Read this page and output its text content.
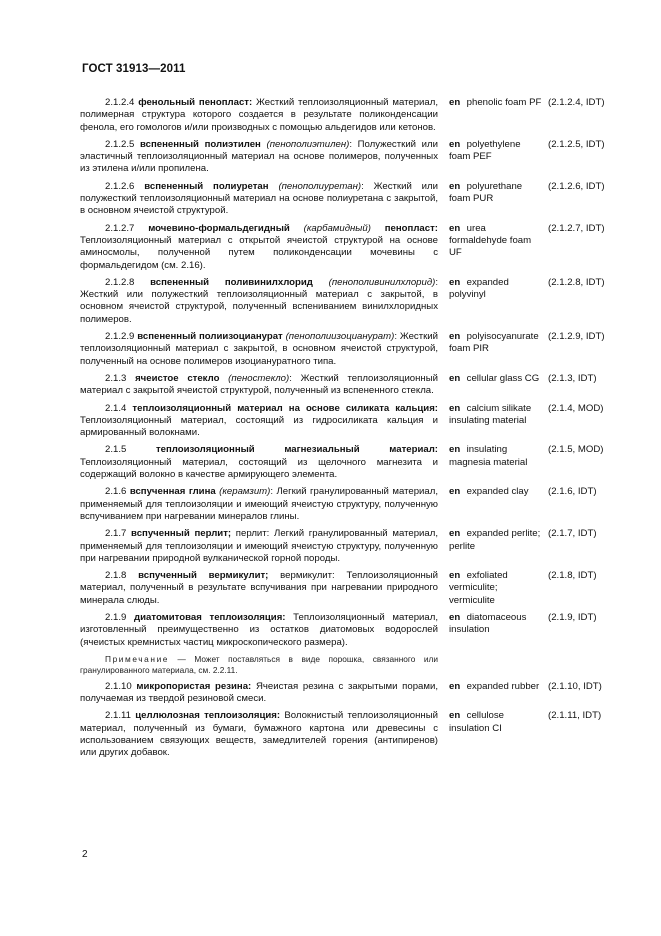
ГОСТ 31913—2011
2.1.2.4 фенольный пенопласт: Жесткий теплоизоляционный материал, полимерная структура которого создается в результате поликонденсации фенола, его гомологов и/или производных с помощью альдегидов или кетонов.
en phenolic foam PF (2.1.2.4, IDT)
2.1.2.5 вспененный полиэтилен (пенополиэтилен): Полужесткий или эластичный теплоизоляционный материал на основе полимеров, полученных из этилена и/или пропилена.
en polyethylene foam PEF
(2.1.2.5, IDT)
2.1.2.6 вспененный полиуретан (пенополиуретан): Жесткий или полужесткий теплоизоляционный материал на основе полиуретана с закрытой, в основном ячеистой структурой.
en polyurethane foam PUR
(2.1.2.6, IDT)
2.1.2.7 мочевино-формальдегидный (карбамидный) пенопласт: Теплоизоляционный материал с открытой ячеистой структурой на основе аминосмолы, полученной путем поликонденсации мочевины с формальдегидом (см. 2.16).
en urea formaldehyde foam UF
(2.1.2.7, IDT)
2.1.2.8 вспененный поливинилхлорид (пенополивинилхлорид): Жесткий или полужесткий теплоизоляционный материал с закрытой, в основном ячеистой структурой, полученный вспениванием винилхлоридных полимеров.
en expanded polyvinyl
(2.1.2.8, IDT)
2.1.2.9 вспененный полиизоцианурат (пенополиизоцианурат): Жесткий теплоизоляционный материал с закрытой, в основном ячеистой структурой, полученный на основе полимеров изоциануратного типа.
en polyisocyanurate foam PIR
(2.1.2.9, IDT)
2.1.3 ячеистое стекло (пеностекло): Жесткий теплоизоляционный материал с закрытой ячеистой структурой, полученный из вспененного стекла.
en cellular glass CG (2.1.3, IDT)
2.1.4 теплоизоляционный материал на основе силиката кальция: Теплоизоляционный материал, состоящий из гидросиликата кальция и армированный волокнами.
en calcium silikate insulating material
(2.1.4, MOD)
2.1.5	теплоизоляционный магнезиальный материал: Теплоизоляционный материал, состоящий из щелочного магнезита и содержащий волокно в качестве армирующего элемента.
en insulating magnesia material
(2.1.5, MOD)
2.1.6 вспученная глина (керамзит): Легкий гранулированный материал, применяемый для теплоизоляции и имеющий ячеистую структуру, полученную вспучиванием при нагревании минералов глины.
en expanded clay	(2.1.6, IDT)
2.1.7 вспученный перлит; перлит: Легкий гранулированный материал, применяемый для теплоизоляции и имеющий ячеистую структуру, полученную при нагревании природной вулканической горной породы.
en expanded perlite; perlite
(2.1.7, IDT)
2.1.8 вспученный вермикулит; вермикулит: Теплоизоляционный материал, полученный в результате вспучивания при нагревании природного минерала слюды.
en exfoliated vermiculite; vermiculite
(2.1.8, IDT)
2.1.9 диатомитовая теплоизоляция: Теплоизоляционный материал, изготовленный преимущественно из остатков диатомовых водорослей (ячеистых кремнистых частиц микроскопического размера).
en diatomaceous insulation
(2.1.9, IDT)
Примечание — Может поставляться в виде порошка, связанного или гранулированного материала, см. 2.2.11.
2.1.10 микропористая резина: Ячеистая резина с закрытыми порами, получаемая из твердой резиновой смеси.
en expanded rubber (2.1.10, IDT)
2.1.11 целлюлозная теплоизоляция: Волокнистый теплоизоляционный материал, полученный из бумаги, бумажного картона или древесины с использованием связующих веществ, замедлителей горения (антипиренов) или других добавок.
en cellulose insulation CI
(2.1.11, IDT)
2
